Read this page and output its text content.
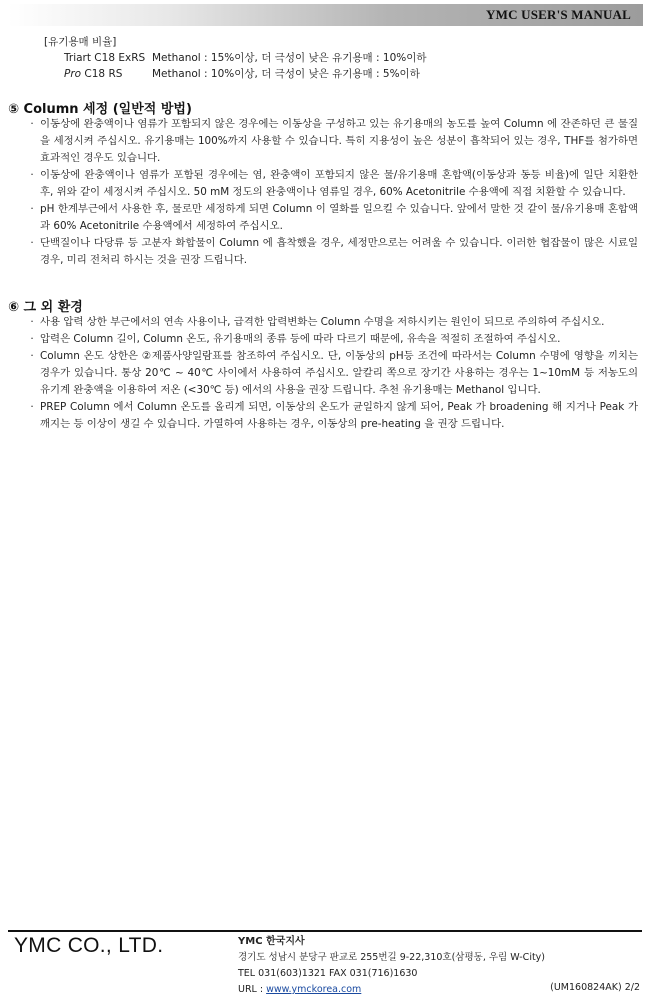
YMC USER'S MANUAL
[유기용매 비율]
Triart C18 ExRS Methanol : 15%이상, 더 극성이 낮은 유기용매 : 10%이하
Pro C18 RS	Methanol : 10%이상, 더 극성이 낮은 유기용매 : 5%이하
⑤ Column 세정 (일반적 방법)
· 이동상에 완충액이나 염류가 포함되지 않은 경우에는 이동상을 구성하고 있는 유기용매의 농도를 높여 Column 에 잔존하던 큰 물질을 세정시켜 주십시오. 유기용매는 100%까지 사용할 수 있습니다. 특히 지용성이 높은 성분이 흡착되어 있는 경우, THF를 첨가하면 효과적인 경우도 있습니다.
· 이동상에 완충액이나 염류가 포함된 경우에는 염, 완충액이 포함되지 않은 물/유기용매 혼합액(이동상과 동등 비율)에 일단 치환한 후, 위와 같이 세정시켜 주십시오. 50 mM 정도의 완충액이나 염류일 경우, 60% Acetonitrile 수용액에 직접 치환할 수 있습니다.
· pH 한계부근에서 사용한 후, 물로만 세정하게 되면 Column 이 열화를 일으킬 수 있습니다. 앞에서 말한 것 같이 물/유기용매 혼합액과 60% Acetonitrile 수용액에서 세정하여 주십시오.
· 단백질이나 다당류 등 고분자 화합물이 Column 에 흡착했을 경우, 세정만으로는 어려울 수 있습니다. 이러한 협잡물이 많은 시료일 경우, 미리 전처리 하시는 것을 권장 드립니다.
⑥ 그 외 환경
· 사용 압력 상한 부근에서의 연속 사용이나, 급격한 압력변화는 Column 수명을 저하시키는 원인이 되므로 주의하여 주십시오.
· 압력은 Column 길이, Column 온도, 유기용매의 종류 등에 따라 다르기 때문에, 유속을 적절히 조절하여 주십시오.
· Column 온도 상한은 ②제품사양일람표를 참조하여 주십시오. 단, 이동상의 pH등 조건에 따라서는 Column 수명에 영향을 끼치는 경우가 있습니다. 통상 20℃ ~ 40℃ 사이에서 사용하여 주십시오. 알칼리 쪽으로 장기간 사용하는 경우는 1~10mM 등 저농도의 유기계 완충액을 이용하여 저온 (<30℃ 등) 에서의 사용을 권장 드립니다. 추천 유기용매는 Methanol 입니다.
· PREP Column 에서 Column 온도를 올리게 되면, 이동상의 온도가 균일하지 않게 되어, Peak 가 broadening 해 지거나 Peak 가 깨지는 등 이상이 생길 수 있습니다. 가열하여 사용하는 경우, 이동상의 pre-heating 을 권장 드립니다.
YMC CO., LTD.	YMC 한국지사
경기도 성남시 분당구 판교로 255번길 9-22,310호(삼평동, 우림 W-City)
TEL 031(603)1321 FAX 031(716)1630
URL : www.ymckorea.com	(UM160824AK) 2/2
